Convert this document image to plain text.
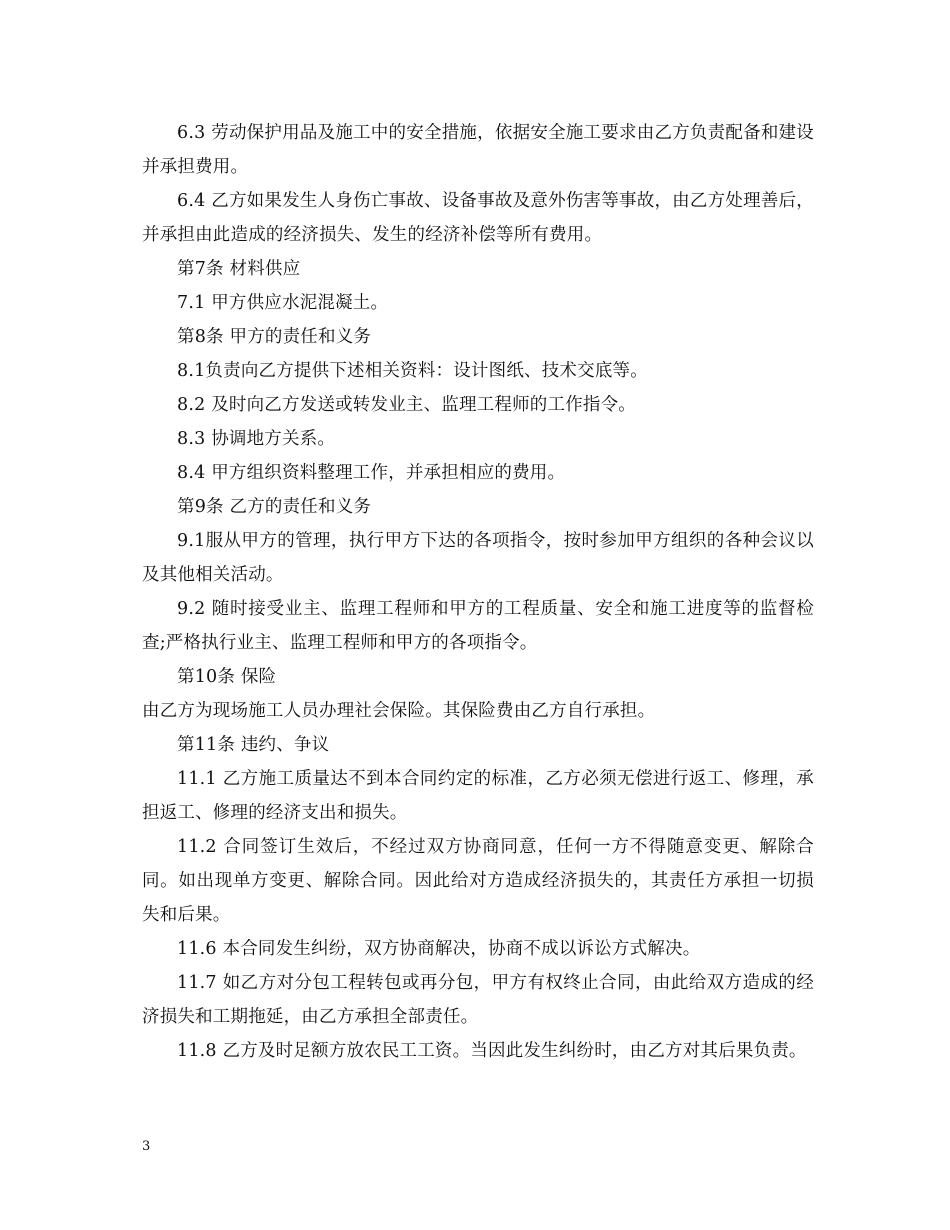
6.3 劳动保护用品及施工中的安全措施，依据安全施工要求由乙方负责配备和建设并承担费用。

6.4 乙方如果发生人身伤亡事故、设备事故及意外伤害等事故，由乙方处理善后，并承担由此造成的经济损失、发生的经济补偿等所有费用。

第7条 材料供应

7.1 甲方供应水泥混凝土。

第8条 甲方的责任和义务

8.1负责向乙方提供下述相关资料：设计图纸、技术交底等。

8.2 及时向乙方发送或转发业主、监理工程师的工作指令。

8.3 协调地方关系。

8.4 甲方组织资料整理工作，并承担相应的费用。

第9条 乙方的责任和义务

9.1服从甲方的管理，执行甲方下达的各项指令，按时参加甲方组织的各种会议以及其他相关活动。

9.2 随时接受业主、监理工程师和甲方的工程质量、安全和施工进度等的监督检查;严格执行业主、监理工程师和甲方的各项指令。

第10条 保险

由乙方为现场施工人员办理社会保险。其保险费由乙方自行承担。

第11条 违约、争议

11.1 乙方施工质量达不到本合同约定的标准，乙方必须无偿进行返工、修理，承担返工、修理的经济支出和损失。

11.2 合同签订生效后，不经过双方协商同意，任何一方不得随意变更、解除合同。如出现单方变更、解除合同。因此给对方造成经济损失的，其责任方承担一切损失和后果。

11.6 本合同发生纠纷，双方协商解决，协商不成以诉讼方式解决。

11.7 如乙方对分包工程转包或再分包，甲方有权终止合同，由此给双方造成的经济损失和工期拖延，由乙方承担全部责任。

11.8 乙方及时足额方放农民工工资。当因此发生纠纷时，由乙方对其后果负责。

3
